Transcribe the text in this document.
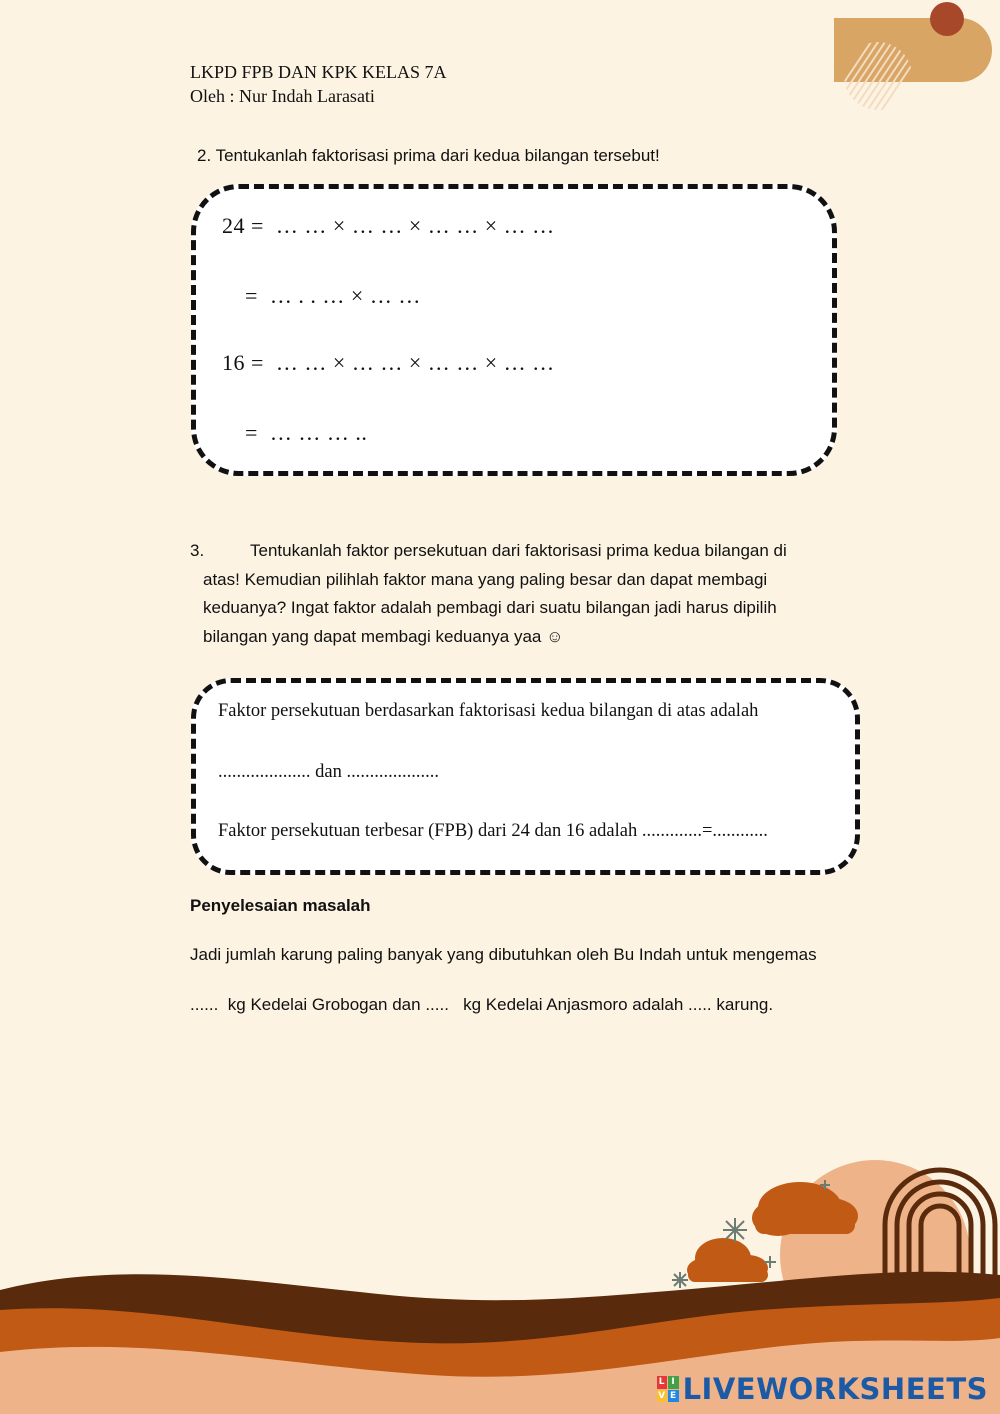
LKPD FPB DAN KPK KELAS 7A
Oleh : Nur Indah Larasati
2. Tentukanlah faktorisasi prima dari kedua bilangan tersebut!
24 =  … … × … … × … … × … …
=  … . . … × … …
16 =  … … × … … × … … × … …
=  … … … ..
3.	Tentukanlah faktor persekutuan dari faktorisasi prima kedua bilangan di
atas! Kemudian pilihlah faktor mana yang paling besar dan dapat membagi
keduanya? Ingat faktor adalah pembagi dari suatu bilangan jadi harus dipilih
bilangan yang dapat membagi keduanya yaa ☺
Faktor persekutuan berdasarkan faktorisasi kedua bilangan di atas adalah
.................... dan ....................
Faktor persekutuan terbesar (FPB) dari 24 dan 16 adalah .............=............
Penyelesaian masalah
Jadi jumlah karung paling banyak yang dibutuhkan oleh Bu Indah untuk mengemas
......  kg Kedelai Grobogan dan .....   kg Kedelai Anjasmoro adalah ..... karung.
L I
V E LIVEWORKSHEETS
